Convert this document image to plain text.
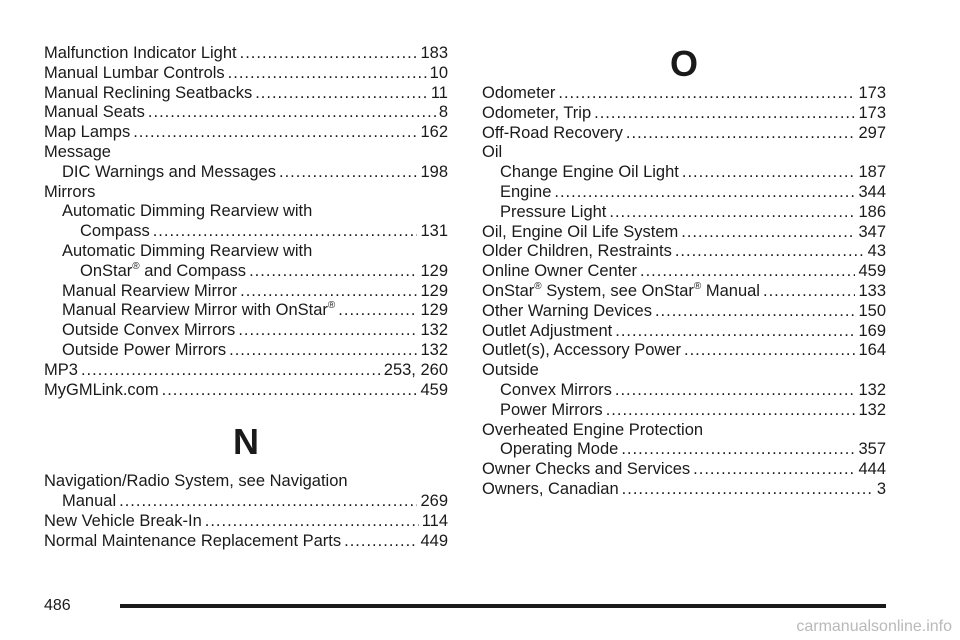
Malfunction Indicator Light .....	183
Manual Lumbar Controls .....	10
Manual Reclining Seatbacks .....	11
Manual Seats .....	8
Map Lamps .....	162
Message
DIC Warnings and Messages .....	198
Mirrors
Automatic Dimming Rearview with
Compass .....	131
Automatic Dimming Rearview with
OnStar® and Compass .....	129
Manual Rearview Mirror .....	129
Manual Rearview Mirror with OnStar® .....	129
Outside Convex Mirrors .....	132
Outside Power Mirrors .....	132
MP3 .....	253, 260
MyGMLink.com .....	459
N
Navigation/Radio System, see Navigation
Manual .....	269
New Vehicle Break-In .....	114
Normal Maintenance Replacement Parts .....	449
O
Odometer .....	173
Odometer, Trip .....	173
Off-Road Recovery .....	297
Oil
Change Engine Oil Light .....	187
Engine .....	344
Pressure Light .....	186
Oil, Engine Oil Life System .....	347
Older Children, Restraints .....	43
Online Owner Center .....	459
OnStar® System, see OnStar® Manual .....	133
Other Warning Devices .....	150
Outlet Adjustment .....	169
Outlet(s), Accessory Power .....	164
Outside
Convex Mirrors .....	132
Power Mirrors .....	132
Overheated Engine Protection
Operating Mode .....	357
Owner Checks and Services .....	444
Owners, Canadian .....	3
486
carmanualsonline.info
